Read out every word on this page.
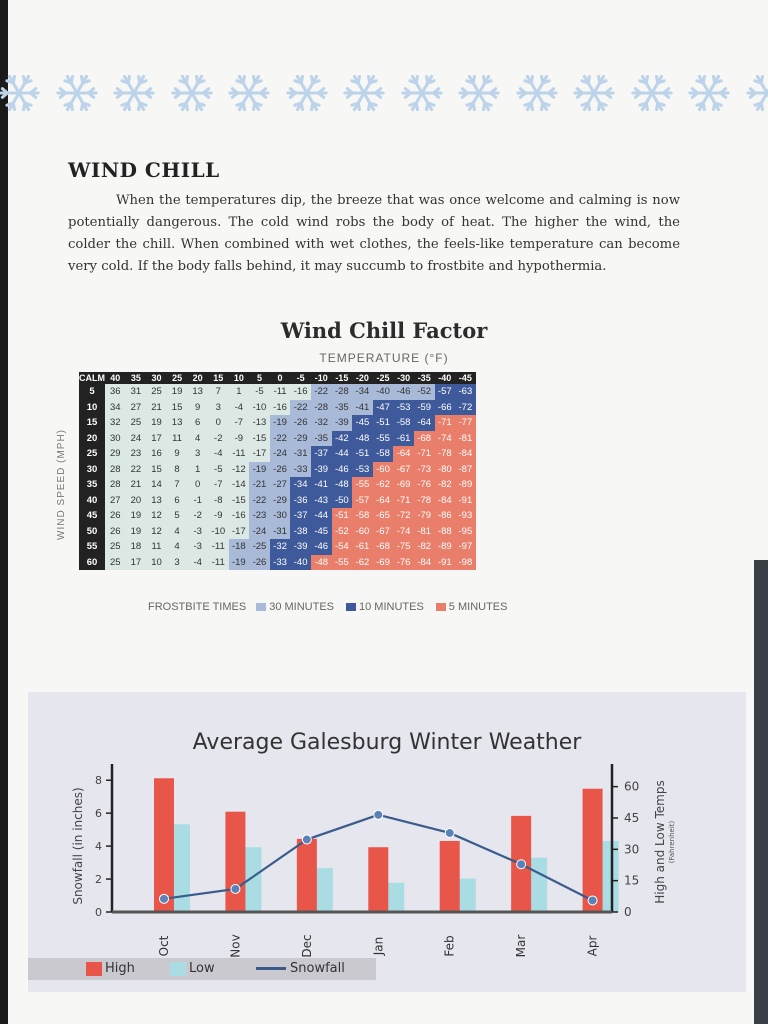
WIND CHILL
When the temperatures dip, the breeze that was once welcome and calming is now potentially dangerous. The cold wind robs the body of heat. The higher the wind, the colder the chill. When combined with wet clothes, the feels-like temperature can become very cold. If the body falls behind, it may succumb to frostbite and hypothermia.
Wind Chill Factor
TEMPERATURE (°F)
WIND SPEED (MPH)
CALM	40	35	30	25	20	15	10	5	0	-5	-10	-15	-20	-25	-30	-35	-40	-45
5	36	31	25	19	13	7	1	-5	-11	-16	-22	-28	-34	-40	-46	-52	-57	-63
10	34	27	21	15	9	3	-4	-10	-16	-22	-28	-35	-41	-47	-53	-59	-66	-72
15	32	25	19	13	6	0	-7	-13	-19	-26	-32	-39	-45	-51	-58	-64	-71	-77
20	30	24	17	11	4	-2	-9	-15	-22	-29	-35	-42	-48	-55	-61	-68	-74	-81
25	29	23	16	9	3	-4	-11	-17	-24	-31	-37	-44	-51	-58	-64	-71	-78	-84
30	28	22	15	8	1	-5	-12	-19	-26	-33	-39	-46	-53	-60	-67	-73	-80	-87
35	28	21	14	7	0	-7	-14	-21	-27	-34	-41	-48	-55	-62	-69	-76	-82	-89
40	27	20	13	6	-1	-8	-15	-22	-29	-36	-43	-50	-57	-64	-71	-78	-84	-91
45	26	19	12	5	-2	-9	-16	-23	-30	-37	-44	-51	-58	-65	-72	-79	-86	-93
50	26	19	12	4	-3	-10	-17	-24	-31	-38	-45	-52	-60	-67	-74	-81	-88	-95
55	25	18	11	4	-3	-11	-18	-25	-32	-39	-46	-54	-61	-68	-75	-82	-89	-97
60	25	17	10	3	-4	-11	-19	-26	-33	-40	-48	-55	-62	-69	-76	-84	-91	-98
FROSTBITE TIMES	30 MINUTES	10 MINUTES	5 MINUTES
Average Galesburg Winter Weather
Oct	Nov	Dec	Jan	Feb	Mar	Apr
0
2
4
6
8
0
15
30
45
60
Snowfall (in inches)	High and Low Temps (Fahrenheit)
High	Low	Snowfall
